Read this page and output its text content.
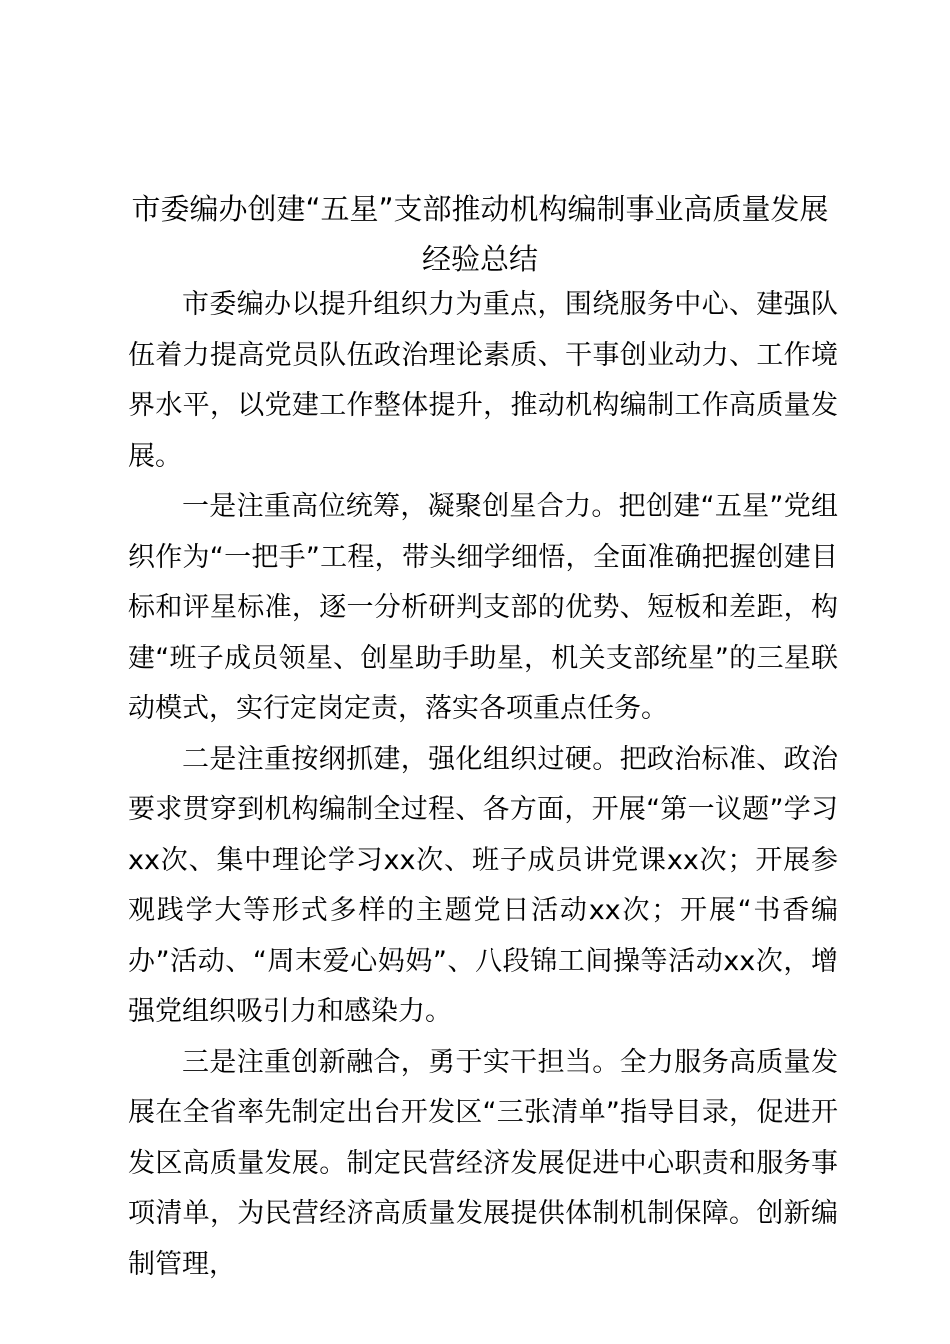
市委编办创建“五星”支部推动机构编制事业高质量发展经验总结

市委编办以提升组织力为重点，围绕服务中心、建强队伍着力提高党员队伍政治理论素质、干事创业动力、工作境界水平，以党建工作整体提升，推动机构编制工作高质量发展。

一是注重高位统筹，凝聚创星合力。把创建“五星”党组织作为“一把手”工程，带头细学细悟，全面准确把握创建目标和评星标准，逐一分析研判支部的优势、短板和差距，构建“班子成员领星、创星助手助星，机关支部统星”的三星联动模式，实行定岗定责，落实各项重点任务。

二是注重按纲抓建，强化组织过硬。把政治标准、政治要求贯穿到机构编制全过程、各方面，开展“第一议题”学习xx次、集中理论学习xx次、班子成员讲党课xx次；开展参观践学大等形式多样的主题党日活动xx次；开展“书香编办”活动、“周末爱心妈妈”、八段锦工间操等活动xx次，增强党组织吸引力和感染力。

三是注重创新融合，勇于实干担当。全力服务高质量发展在全省率先制定出台开发区“三张清单”指导目录，促进开发区高质量发展。制定民营经济发展促进中心职责和服务事项清单，为民营经济高质量发展提供体制机制保障。创新编制管理，
